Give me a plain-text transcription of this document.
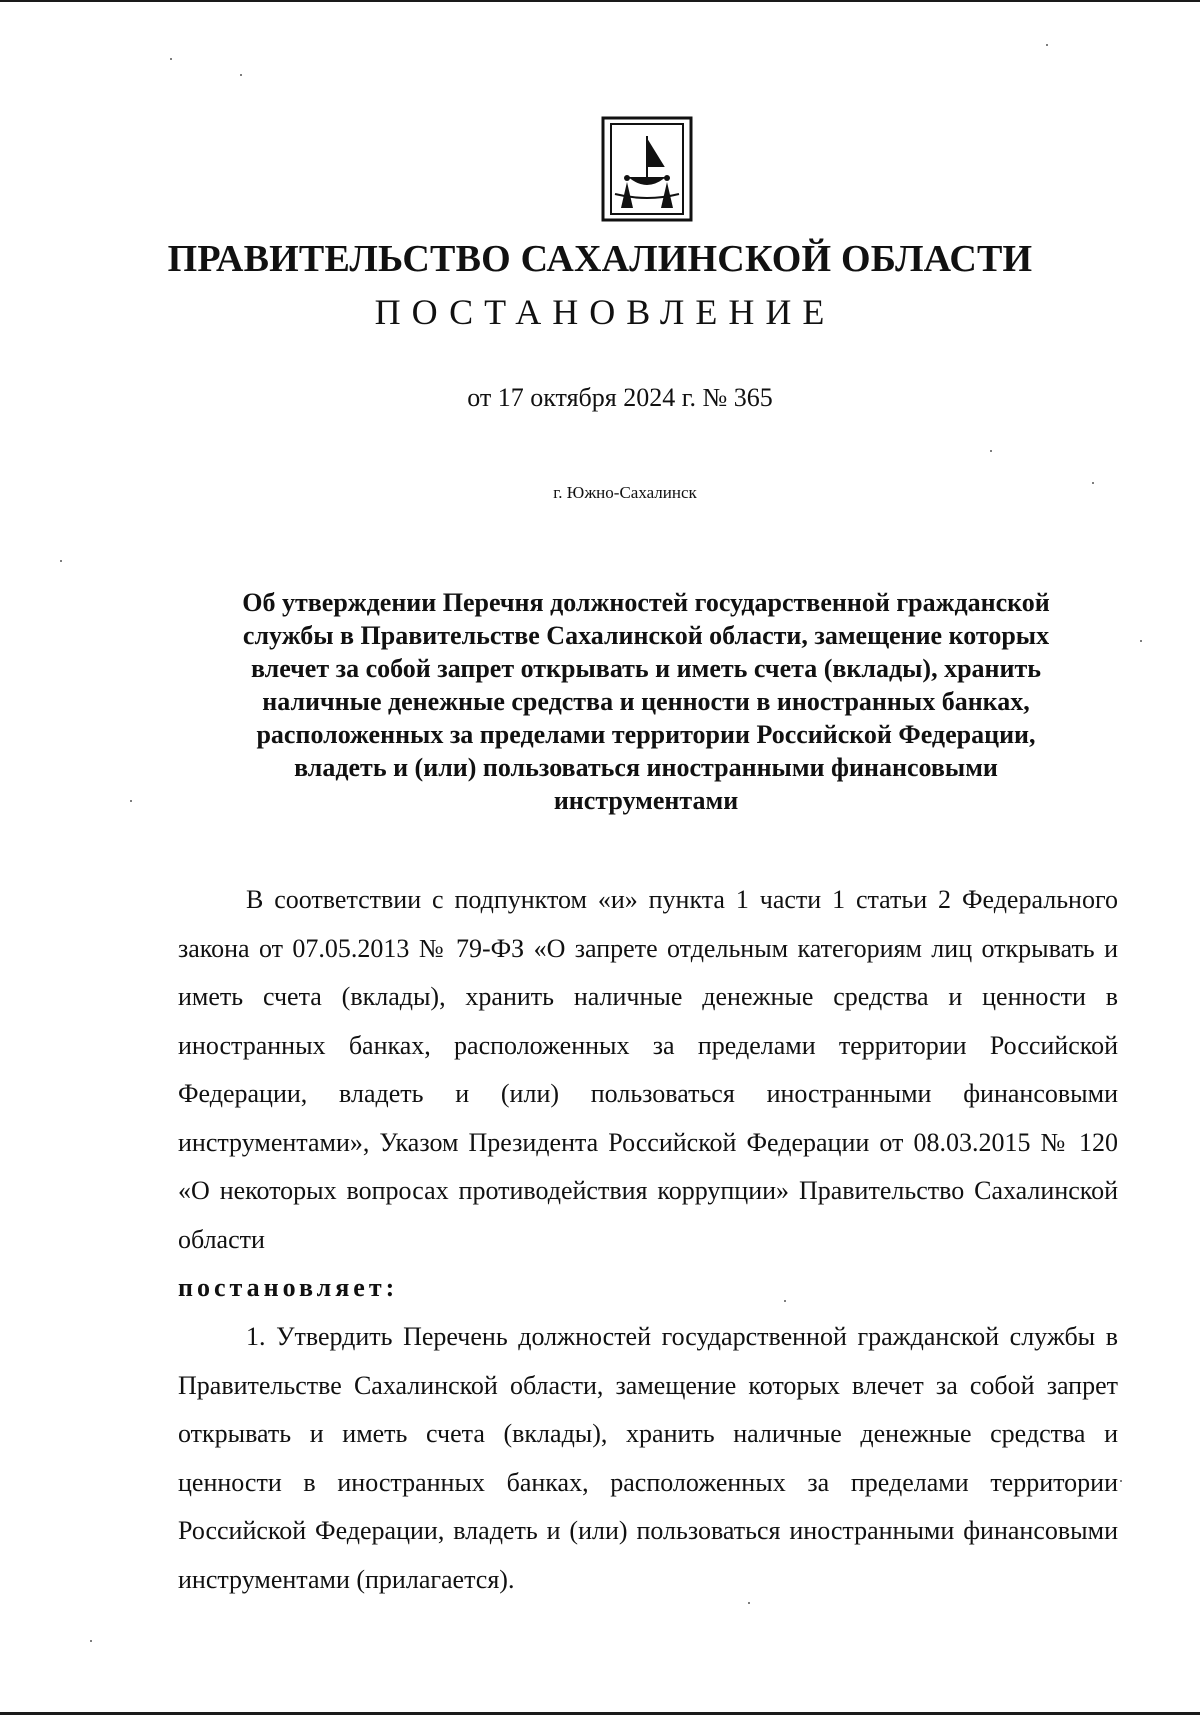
ПРАВИТЕЛЬСТВО САХАЛИНСКОЙ ОБЛАСТИ
ПОСТАНОВЛЕНИЕ
от 17 октября 2024 г. № 365
г. Южно-Сахалинск
Об утверждении Перечня должностей государственной гражданской
службы в Правительстве Сахалинской области, замещение которых
влечет за собой запрет открывать и иметь счета (вклады), хранить
наличные денежные средства и ценности в иностранных банках,
расположенных за пределами территории Российской Федерации,
владеть и (или) пользоваться иностранными финансовыми
инструментами
В соответствии с подпунктом «и» пункта 1 части 1 статьи 2 Федерального закона от 07.05.2013 № 79-ФЗ «О запрете отдельным категориям лиц открывать и иметь счета (вклады), хранить наличные денежные средства и ценности в иностранных банках, расположенных за пределами территории Российской Федерации, владеть и (или) пользоваться иностранными финансовыми инструментами», Указом Президента Российской Федерации от 08.03.2015 № 120 «О некоторых вопросах противодействия коррупции» Правительство Сахалинской области
постановляет:
1. Утвердить Перечень должностей государственной гражданской службы в Правительстве Сахалинской области, замещение которых влечет за собой запрет открывать и иметь счета (вклады), хранить наличные денежные средства и ценности в иностранных банках, расположенных за пределами территории Российской Федерации, владеть и (или) пользоваться иностранными финансовыми инструментами (прилагается).
